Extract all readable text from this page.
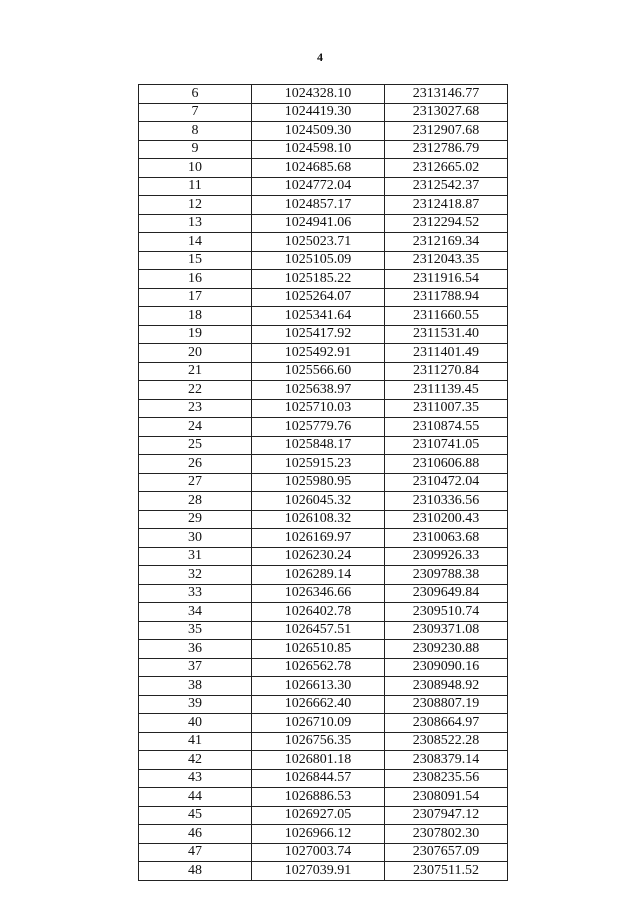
4
6	1024328.10	2313146.77
7	1024419.30	2313027.68
8	1024509.30	2312907.68
9	1024598.10	2312786.79
10	1024685.68	2312665.02
11	1024772.04	2312542.37
12	1024857.17	2312418.87
13	1024941.06	2312294.52
14	1025023.71	2312169.34
15	1025105.09	2312043.35
16	1025185.22	2311916.54
17	1025264.07	2311788.94
18	1025341.64	2311660.55
19	1025417.92	2311531.40
20	1025492.91	2311401.49
21	1025566.60	2311270.84
22	1025638.97	2311139.45
23	1025710.03	2311007.35
24	1025779.76	2310874.55
25	1025848.17	2310741.05
26	1025915.23	2310606.88
27	1025980.95	2310472.04
28	1026045.32	2310336.56
29	1026108.32	2310200.43
30	1026169.97	2310063.68
31	1026230.24	2309926.33
32	1026289.14	2309788.38
33	1026346.66	2309649.84
34	1026402.78	2309510.74
35	1026457.51	2309371.08
36	1026510.85	2309230.88
37	1026562.78	2309090.16
38	1026613.30	2308948.92
39	1026662.40	2308807.19
40	1026710.09	2308664.97
41	1026756.35	2308522.28
42	1026801.18	2308379.14
43	1026844.57	2308235.56
44	1026886.53	2308091.54
45	1026927.05	2307947.12
46	1026966.12	2307802.30
47	1027003.74	2307657.09
48	1027039.91	2307511.52
